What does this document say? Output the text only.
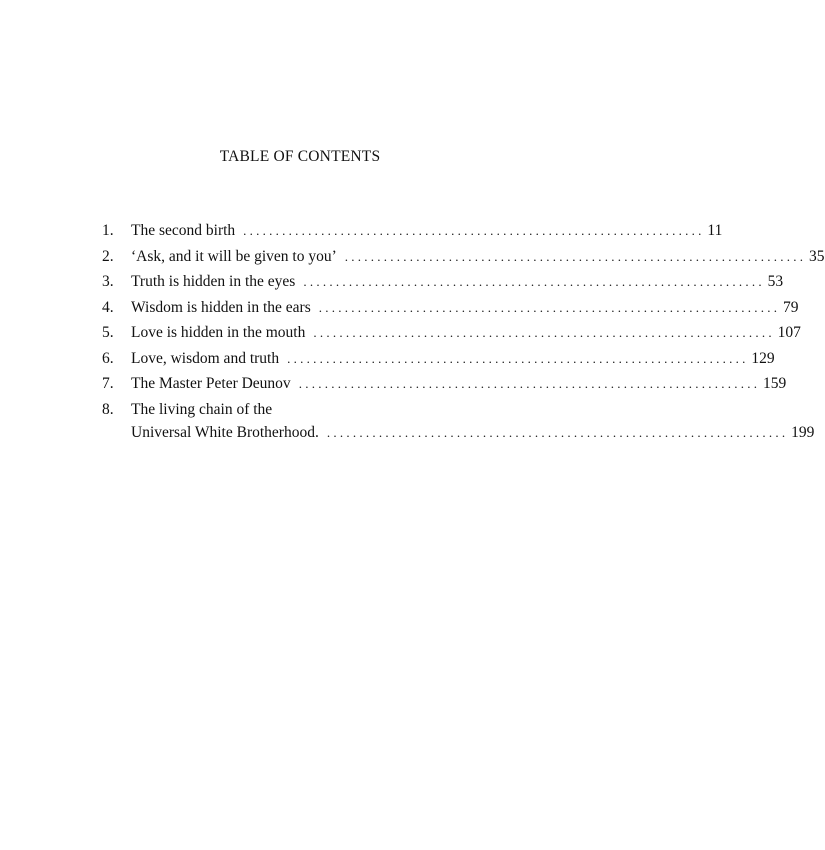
TABLE OF CONTENTS
1.	The second birth . . .	11
2.	‘Ask, and it will be given to you’ . . .	35
3.	Truth is hidden in the eyes . . .	53
4.	Wisdom is hidden in the ears . . .	79
5.	Love is hidden in the mouth . . .	107
6.	Love, wisdom and truth . . .	129
7.	The Master Peter Deunov . . .	159
8.	The living chain of the
Universal White Brotherhood. . . .	199
